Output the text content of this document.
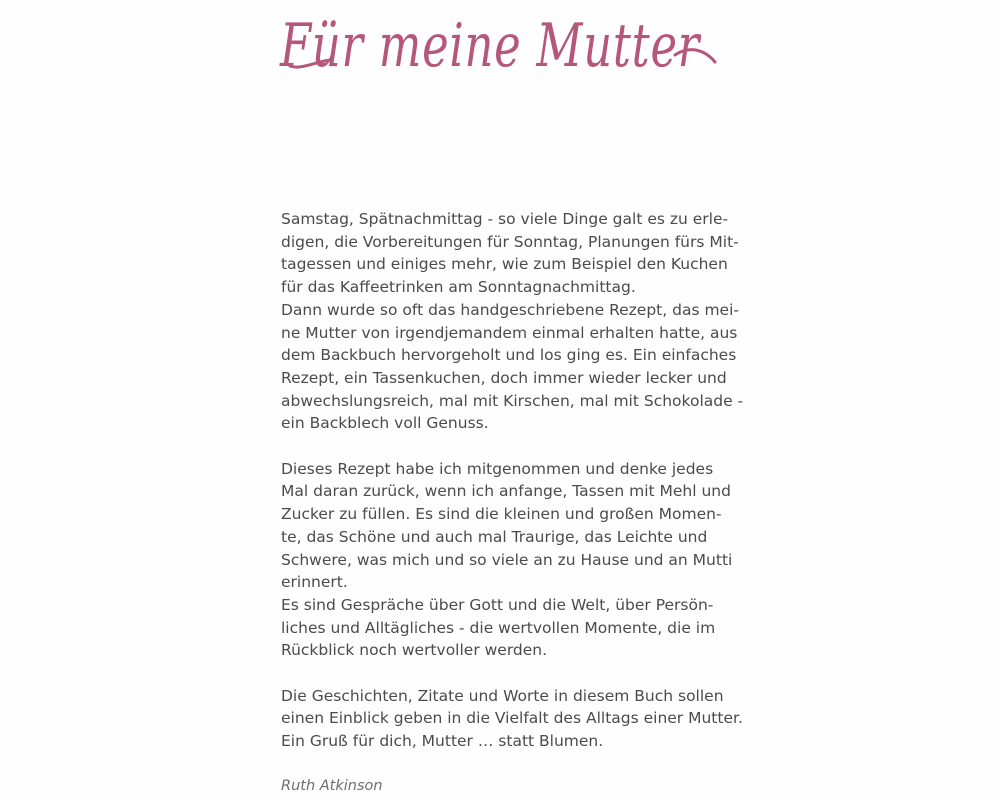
Für meine Mutter
Samstag, Spätnachmittag - so viele Dinge galt es zu erle-
digen, die Vorbereitungen für Sonntag, Planungen fürs Mit-
tagessen und einiges mehr, wie zum Beispiel den Kuchen
für das Kaffeetrinken am Sonntagnachmittag.
Dann wurde so oft das handgeschriebene Rezept, das mei-
ne Mutter von irgendjemandem einmal erhalten hatte, aus
dem Backbuch hervorgeholt und los ging es. Ein einfaches
Rezept, ein Tassenkuchen, doch immer wieder lecker und
abwechslungsreich, mal mit Kirschen, mal mit Schokolade -
ein Backblech voll Genuss.
Dieses Rezept habe ich mitgenommen und denke jedes
Mal daran zurück, wenn ich anfange, Tassen mit Mehl und
Zucker zu füllen. Es sind die kleinen und großen Momen-
te, das Schöne und auch mal Traurige, das Leichte und
Schwere, was mich und so viele an zu Hause und an Mutti
erinnert.
Es sind Gespräche über Gott und die Welt, über Persön-
liches und Alltägliches - die wertvollen Momente, die im
Rückblick noch wertvoller werden.
Die Geschichten, Zitate und Worte in diesem Buch sollen
einen Einblick geben in die Vielfalt des Alltags einer Mutter.
Ein Gruß für dich, Mutter … statt Blumen.
Ruth Atkinson
